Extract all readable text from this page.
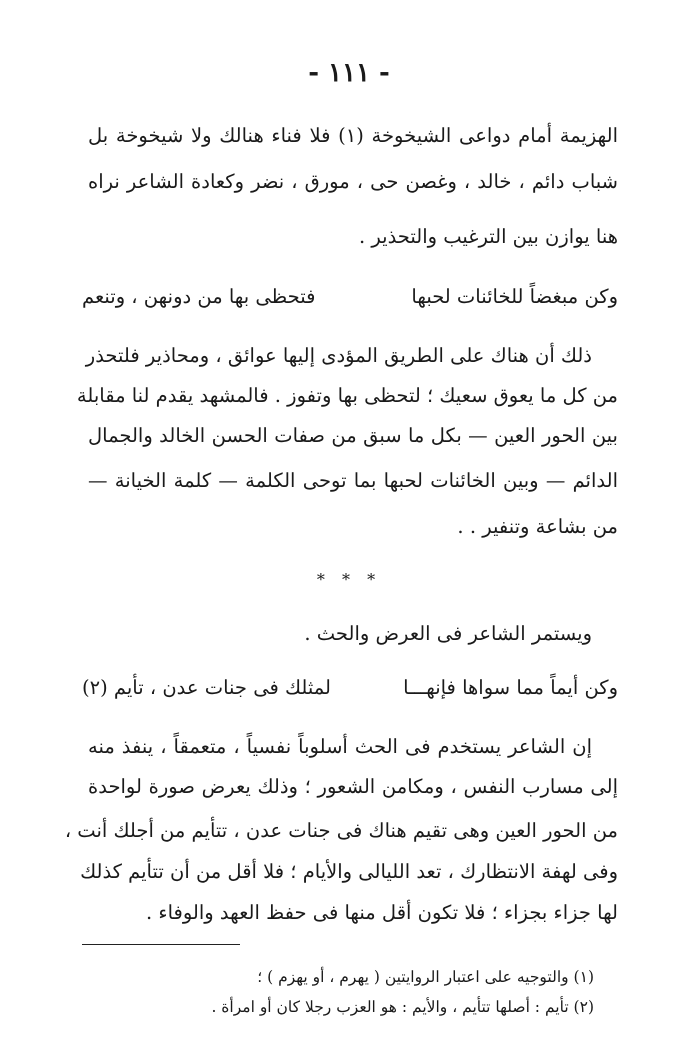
- ١١١ -
الهزيمة أمام دواعى الشيخوخة (١) فلا فناء هنالك ولا شيخوخة بل
شباب دائم ، خالد ، وغصن حى ، مورق ، نضر وكعادة الشاعر نراه
هنا يوازن بين الترغيب والتحذير .
وكن مبغضاً للخائنات لحبها
فتحظى بها من دونهن ، وتنعم
ذلك أن هناك على الطريق المؤدى إليها عوائق ، ومحاذير فلتحذر
من كل ما يعوق سعيك ؛ لتحظى بها وتفوز . فالمشهد يقدم لنا مقابلة
بين الحور العين — بكل ما سبق من صفات الحسن الخالد والجمال
الدائم — وبين الخائنات لحبها بما توحى الكلمة — كلمة الخيانة —
من بشاعة وتنفير . .
* * *
ويستمر الشاعر فى العرض والحث .
وكن أيماً مما سواها فإنهـــا
لمثلك فى جنات عدن ، تأيم (٢)
إن الشاعر يستخدم فى الحث أسلوباً نفسياً ، متعمقاً ، ينفذ منه
إلى مسارب النفس ، ومكامن الشعور ؛ وذلك يعرض صورة لواحدة
من الحور العين وهى تقيم هناك فى جنات عدن ، تتأيم من أجلك أنت ،
وفى لهفة الانتظارك ، تعد الليالى والأيام ؛ فلا أقل من أن تتأيم كذلك
لها جزاء بجزاء ؛ فلا تكون أقل منها فى حفظ العهد والوفاء .
(١) والتوجيه على اعتبار الروايتين ( يهرم ، أو يهزم ) ؛
(٢) تأيم : أصلها تتأيم ، والأيم : هو العزب رجلا كان أو امرأة .
